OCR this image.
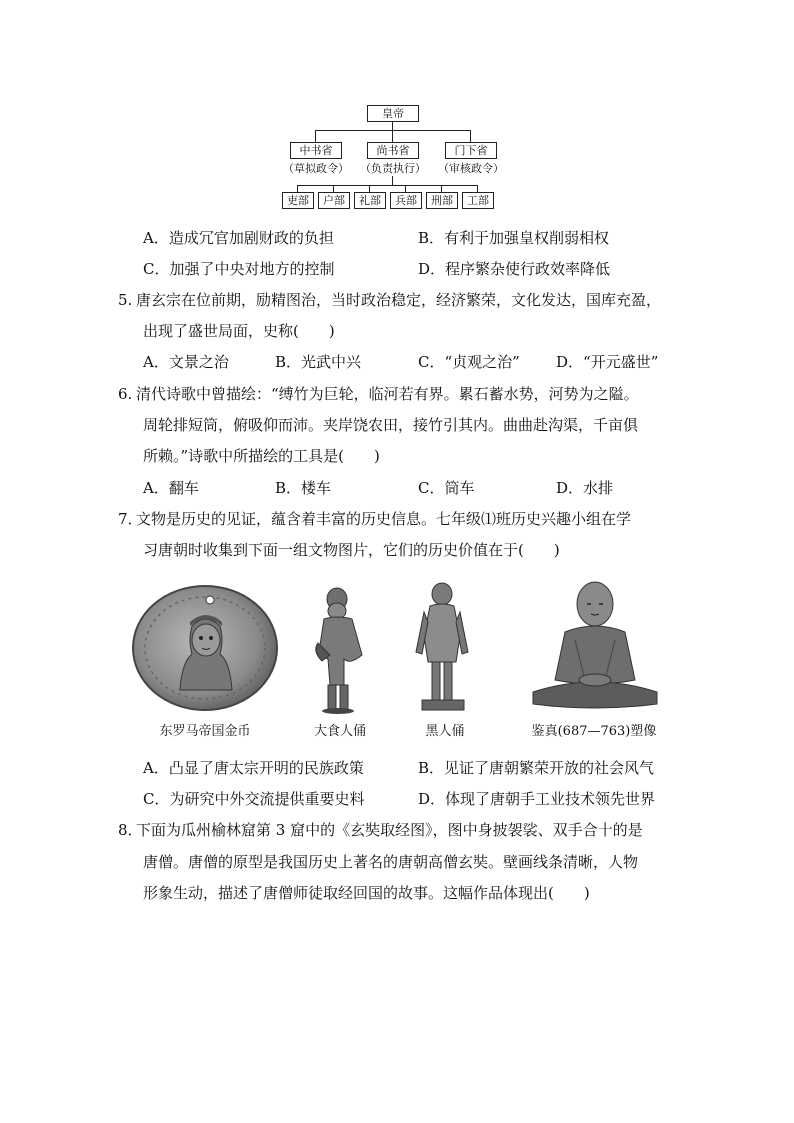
皇帝
中书省	尚书省	门下省
（草拟政令） （负责执行） （审核政令）
吏部	户部	礼部	兵部	刑部	工部
A．造成冗官加剧财政的负担	B．有利于加强皇权削弱相权
C．加强了中央对地方的控制	D．程序繁杂使行政效率降低
5. 唐玄宗在位前期，励精图治，当时政治稳定，经济繁荣，文化发达，国库充盈，
出现了盛世局面，史称(　　)
A．文景之治	B．光武中兴	C．“贞观之治” D．“开元盛世”
6. 清代诗歌中曾描绘：“缚竹为巨轮，临河若有界。累石蓄水势，河势为之隘。
周轮排短筒，俯吸仰而沛。夹岸饶农田，接竹引其内。曲曲赴沟渠，千亩俱
所赖。”诗歌中所描绘的工具是(　　)
A．翻车	B．楼车	C．筒车	D．水排
7．
文物是历史的见证，蕴含着丰富的历史信息。七年级⑴班历史兴趣小组在学
习唐朝时收集到下面一组文物图片，它们的历史价值在于(　　)
东罗马帝国金币	大食人俑	黑人俑	鉴真(687—763)塑像
A．凸显了唐太宗开明的民族政策	B．见证了唐朝繁荣开放的社会风气
C．为研究中外交流提供重要史料	D．体现了唐朝手工业技术领先世界
8．
下面为瓜州榆林窟第 3 窟中的《玄奘取经图》，图中身披袈裟、双手合十的是
唐僧。唐僧的原型是我国历史上著名的唐朝高僧玄奘。壁画线条清晰，人物
形象生动，描述了唐僧师徒取经回国的故事。这幅作品体现出(　　)
